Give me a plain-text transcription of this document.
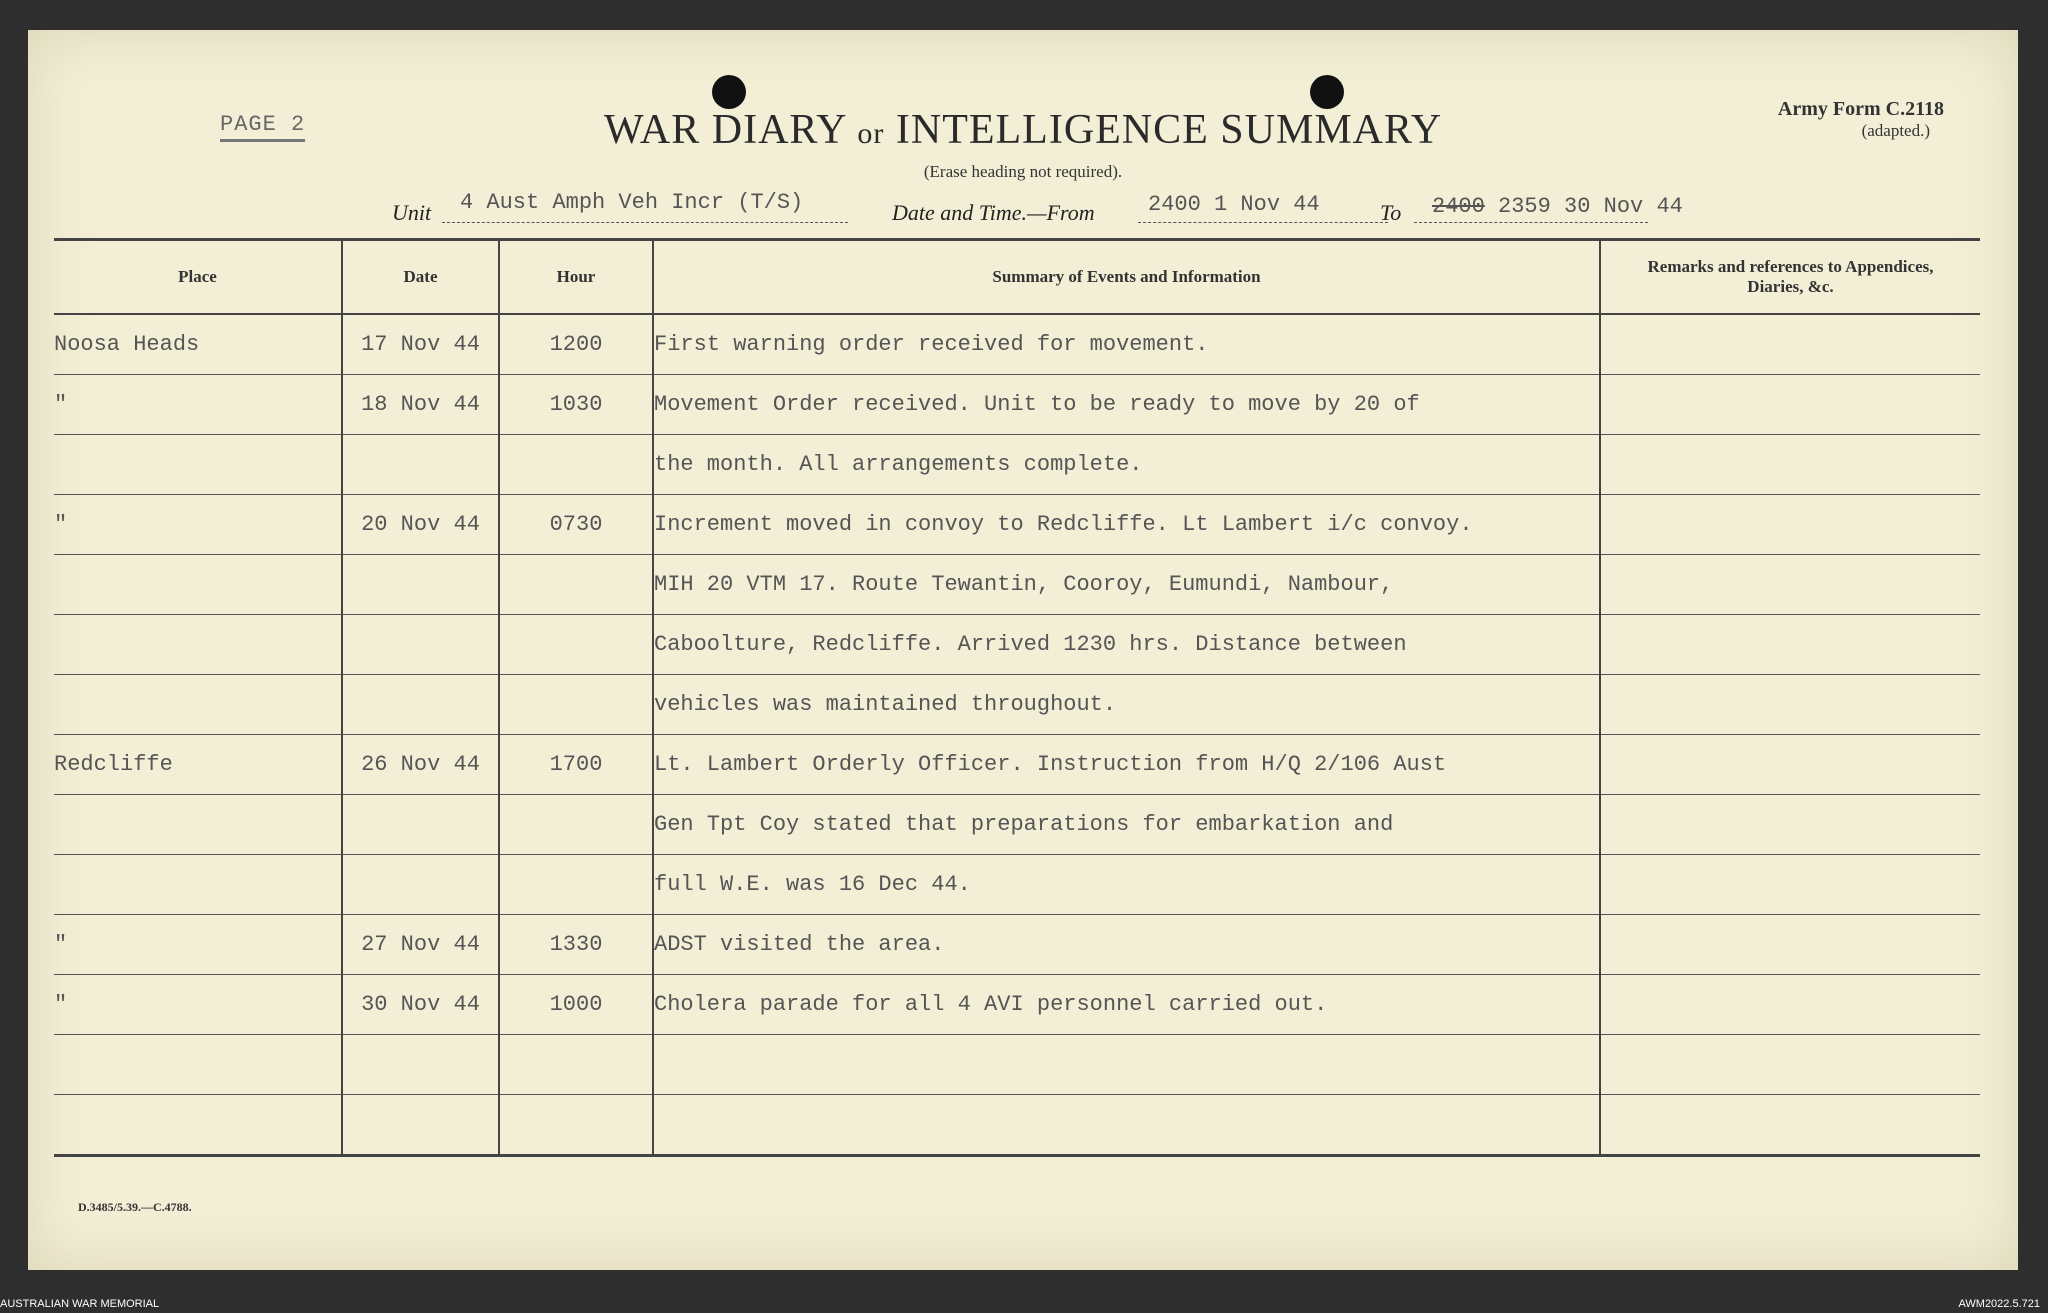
PAGE 2	WAR DIARY or INTELLIGENCE SUMMARY
(Erase heading not required).
Army Form C.2118
(adapted.)
Unit 4 Aust Amph Veh Incr (T/S)	Date and Time.—From 2400 1 Nov 44	To 2400 2359 30 Nov 44
Place	Date	Hour	Summary of Events and Information	Remarks and references to Appendices, Diaries, &c.
Noosa Heads	17 Nov 44	1200	First warning order received for movement.	
"	18 Nov 44	1030	Movement Order received. Unit to be ready to move by 20 of	
			the month. All arrangements complete.	
"	20 Nov 44	0730	Increment moved in convoy to Redcliffe. Lt Lambert i/c convoy.	
			MIH 20 VTM 17. Route Tewantin, Cooroy, Eumundi, Nambour,	
			Caboolture, Redcliffe. Arrived 1230 hrs. Distance between	
			vehicles was maintained throughout.	
Redcliffe	26 Nov 44	1700	Lt. Lambert Orderly Officer. Instruction from H/Q 2/106 Aust	
			Gen Tpt Coy stated that preparations for embarkation and	
			full W.E. was 16 Dec 44.	
"	27 Nov 44	1330	ADST visited the area.	
"	30 Nov 44	1000	Cholera parade for all 4 AVI personnel carried out.	

D.3485/5.39.—C.4788.
AUSTRALIAN WAR MEMORIAL	AWM2022.5.721
